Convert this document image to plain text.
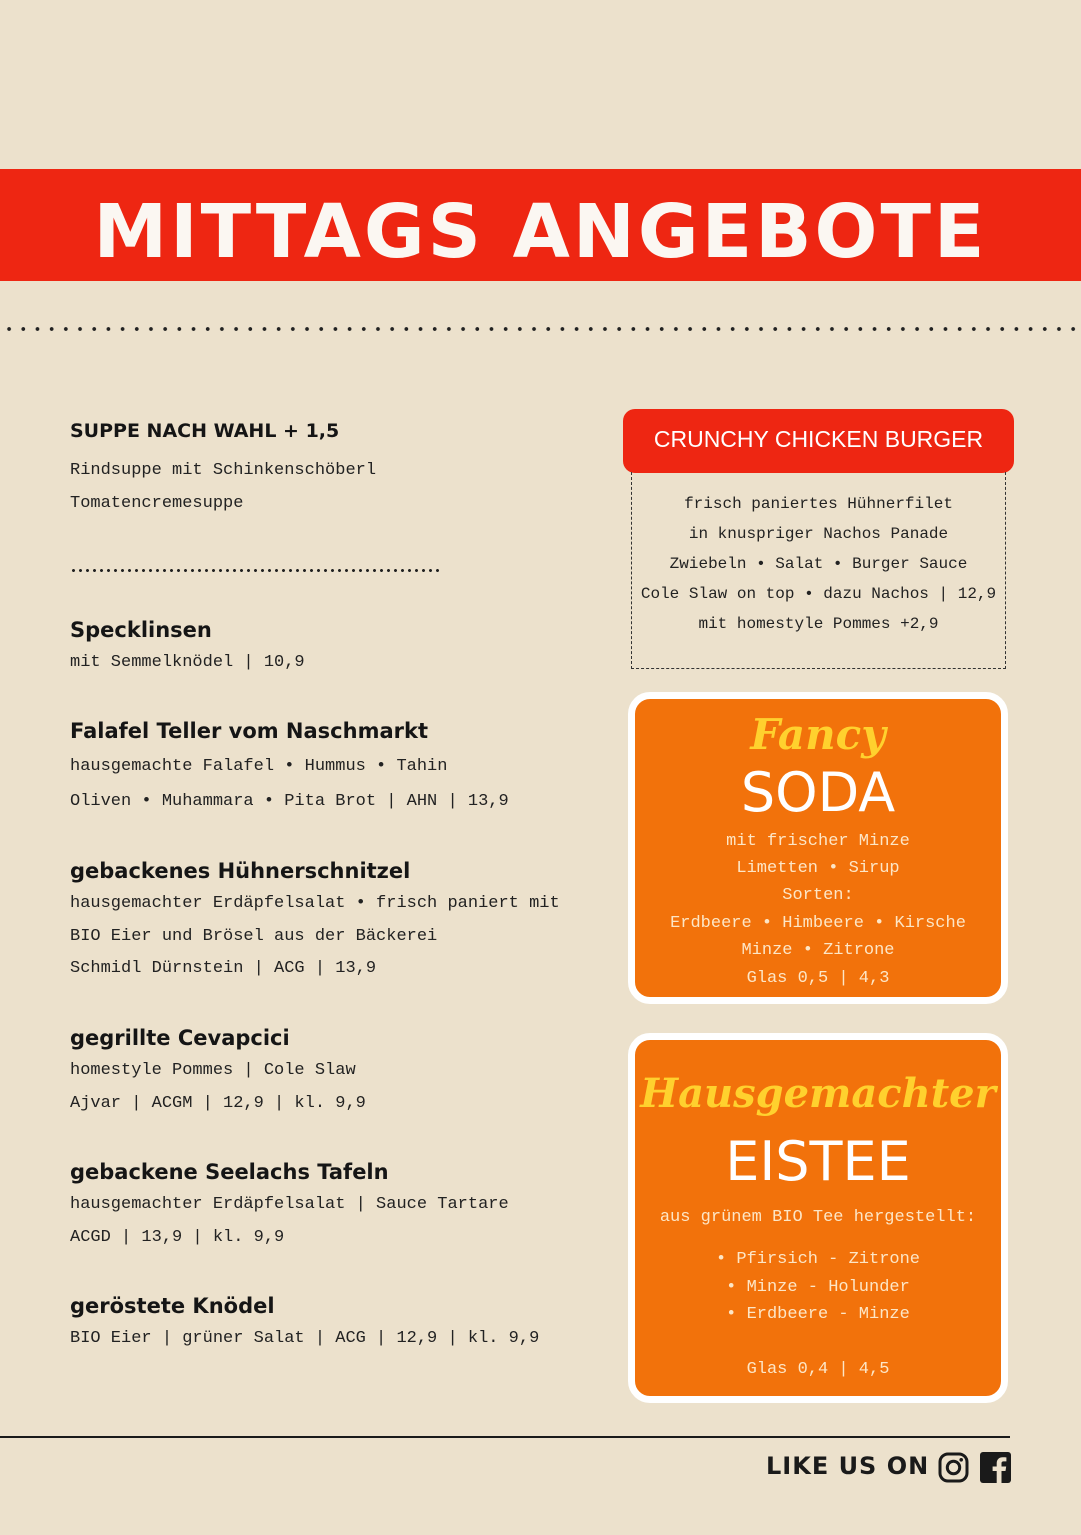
MITTAGS ANGEBOTE
SUPPE NACH WAHL + 1,5
Rindsuppe mit Schinkenschöberl
Tomatencremesuppe
Specklinsen
mit Semmelknödel | 10,9
Falafel Teller vom Naschmarkt
hausgemachte Falafel • Hummus • Tahin
Oliven • Muhammara • Pita Brot | AHN | 13,9
gebackenes Hühnerschnitzel
hausgemachter Erdäpfelsalat • frisch paniert mit
BIO Eier und Brösel aus der Bäckerei
Schmidl Dürnstein | ACG | 13,9
gegrillte Cevapcici
homestyle Pommes | Cole Slaw
Ajvar | ACGM | 12,9 | kl. 9,9
gebackene Seelachs Tafeln
hausgemachter Erdäpfelsalat | Sauce Tartare
ACGD | 13,9 | kl. 9,9
geröstete Knödel
BIO Eier | grüner Salat | ACG | 12,9 | kl. 9,9
CRUNCHY CHICKEN BURGER
frisch paniertes Hühnerfilet
in knuspriger Nachos Panade
Zwiebeln • Salat • Burger Sauce
Cole Slaw on top • dazu Nachos | 12,9
mit homestyle Pommes +2,9
Fancy
SODA
mit frischer Minze
Limetten • Sirup
Sorten:
Erdbeere • Himbeere • Kirsche
Minze • Zitrone
Glas 0,5 | 4,3
Hausgemachter
EISTEE
aus grünem BIO Tee hergestellt:
• Pfirsich - Zitrone
• Minze - Holunder
• Erdbeere - Minze
Glas 0,4 | 4,5
LIKE US ON
